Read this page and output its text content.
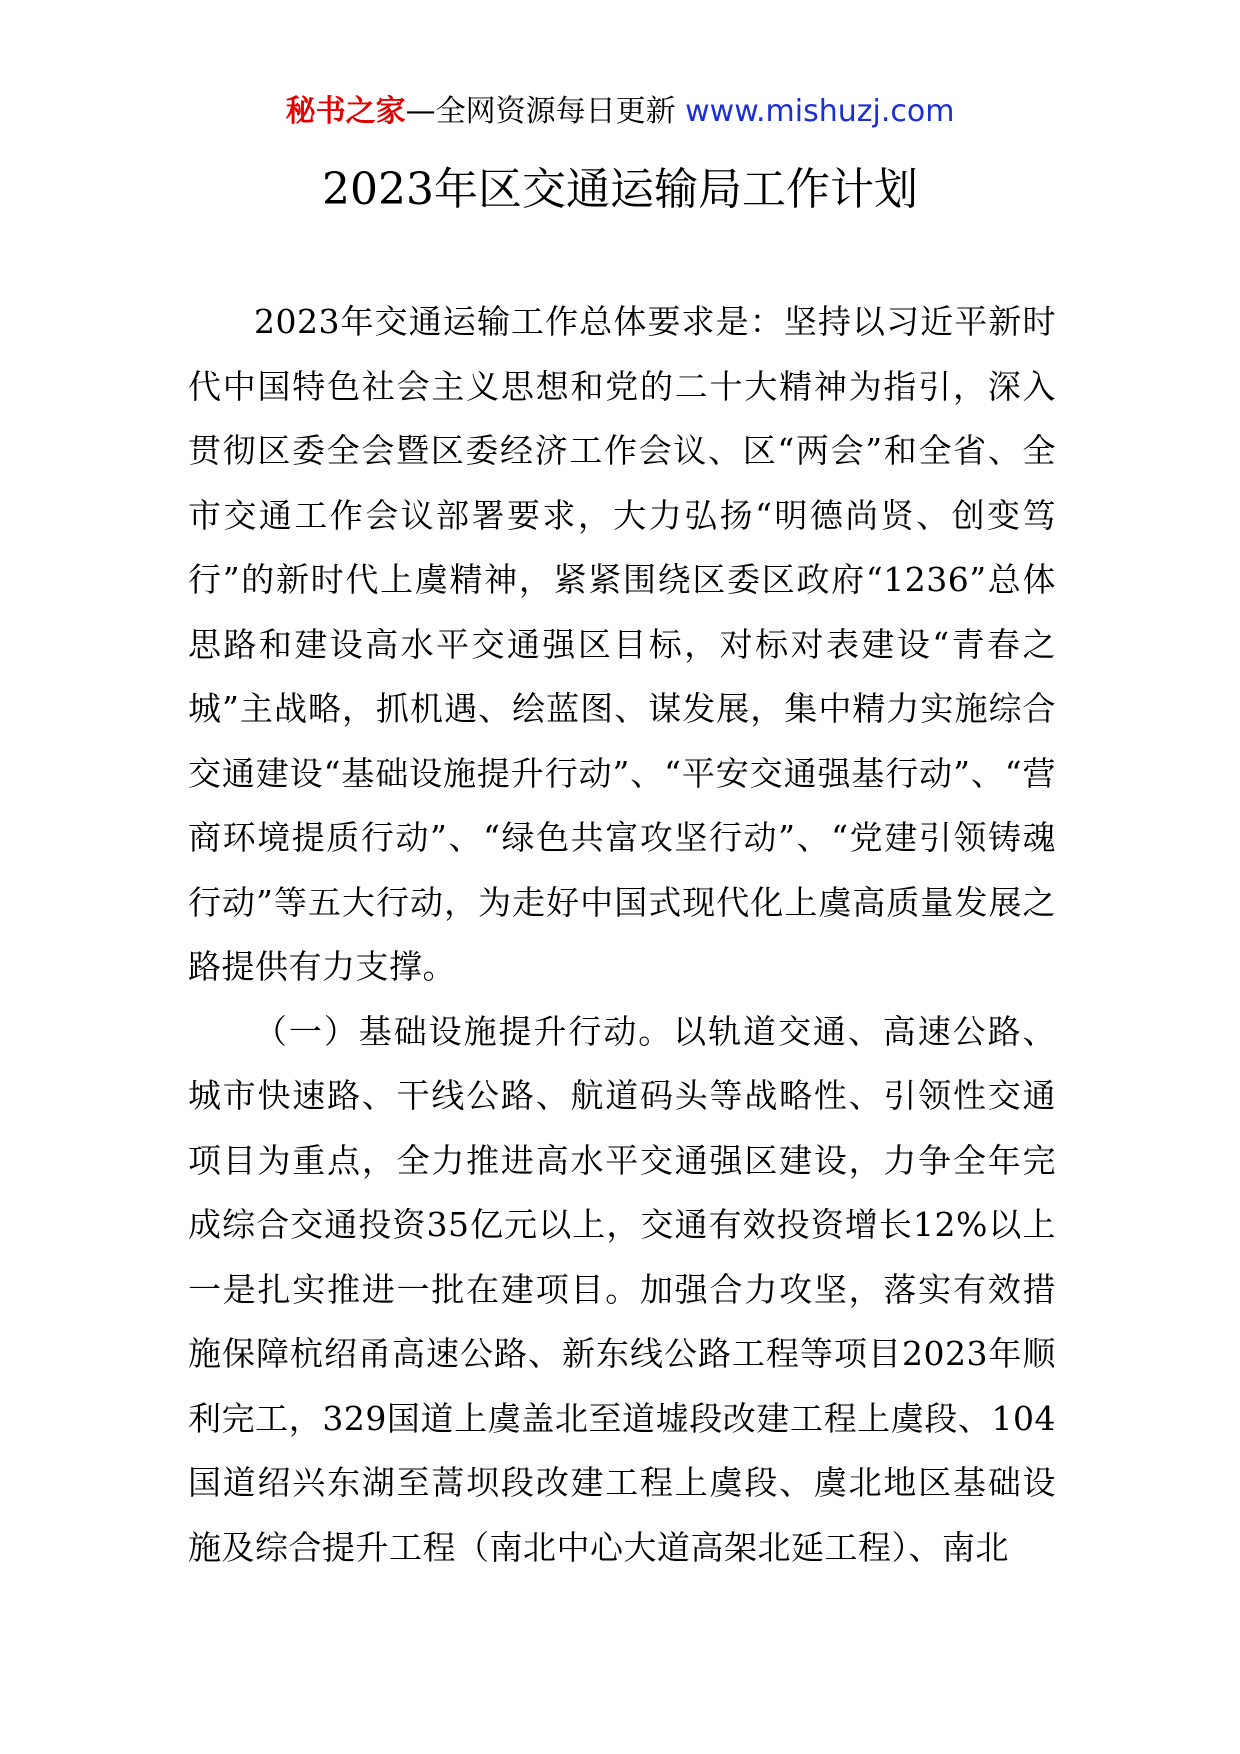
秘书之家—全网资源每日更新 www.mishuzj.com
2023年区交通运输局工作计划

2023年交通运输工作总体要求是：坚持以习近平新时代中国特色社会主义思想和党的二十大精神为指引，深入贯彻区委全会暨区委经济工作会议、区“两会”和全省、全市交通工作会议部署要求，大力弘扬“明德尚贤、创变笃行”的新时代上虞精神，紧紧围绕区委区政府“1236”总体思路和建设高水平交通强区目标，对标对表建设“青春之城”主战略，抓机遇、绘蓝图、谋发展，集中精力实施综合交通建设“基础设施提升行动”、“平安交通强基行动”、“营商环境提质行动”、“绿色共富攻坚行动”、“党建引领铸魂行动”等五大行动，为走好中国式现代化上虞高质量发展之路提供有力支撑。

（一）基础设施提升行动。以轨道交通、高速公路、城市快速路、干线公路、航道码头等战略性、引领性交通项目为重点，全力推进高水平交通强区建设，力争全年完成综合交通投资35亿元以上，交通有效投资增长12%以上一是扎实推进一批在建项目。加强合力攻坚，落实有效措施保障杭绍甬高速公路、新东线公路工程等项目2023年顺利完工，329国道上虞盖北至道墟段改建工程上虞段、104国道绍兴东湖至蒿坝段改建工程上虞段、虞北地区基础设施及综合提升工程（南北中心大道高架北延工程）、南北
